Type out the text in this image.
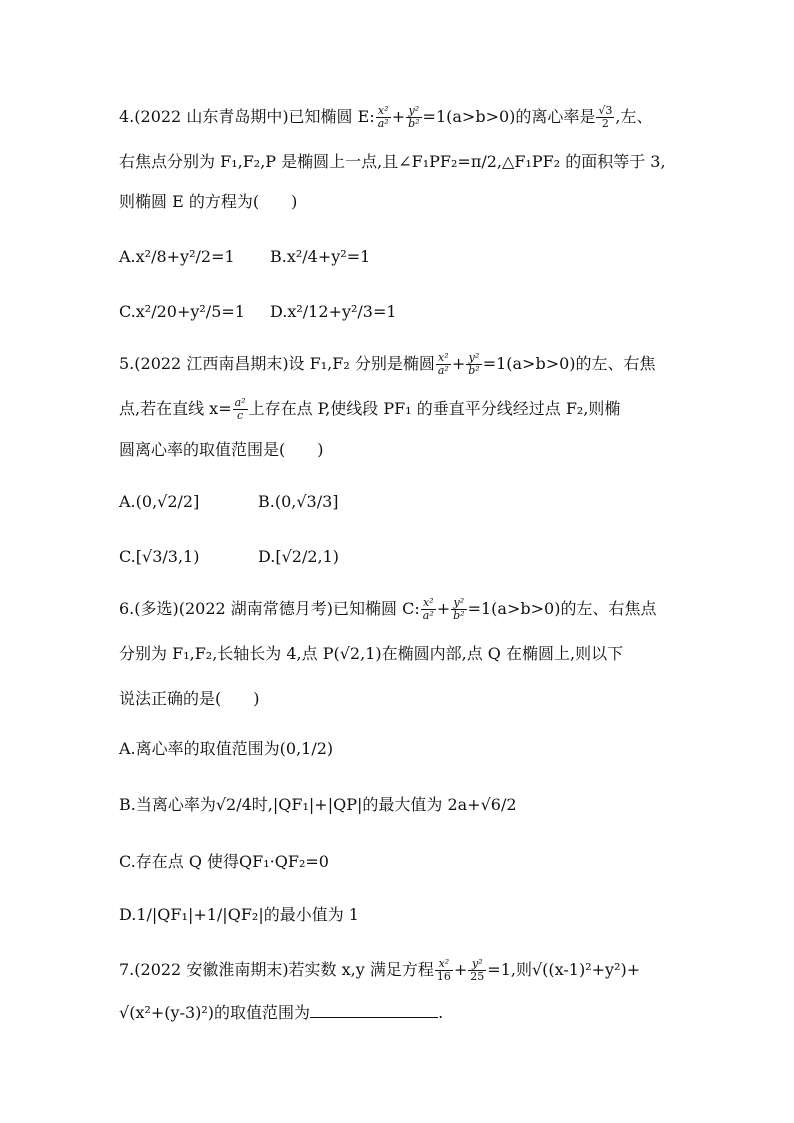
4.(2022 山东青岛期中)已知椭圆 E: $\frac{\text{x²}}{\text{a²}} + \frac{\text{y²}}{\text{b²}} =1(a>b>0)$的离心率是 $\frac{√3}{2}$ ,左、
右焦点分别为 F₁,F₂,P 是椭圆上一点,且∠F₁PF₂=π/2,△F₁PF₂ 的面积等于 3,
则椭圆 E 的方程为(　　)
A.x²/8+y²/2=1 B.x²/4+y²=1
C.x²/20+y²/5=1 D.x²/12+y²/3=1
5.(2022 江西南昌期末)设 F₁,F₂ 分别是椭圆 $\frac{\text{x²}}{\text{a²}} + \frac{\text{y²}}{\text{b²}} =1(a>b>0)$的左、右焦
点,若在直线 $x= \frac{\text{a²}}{c}$ 上存在点 P,使线段 PF₁ 的垂直平分线经过点 F₂,则椭
圆离心率的取值范围是(　　)
A.(0,√2/2]	B.(0,√3/3]
C.[√3/3,1)	D.[√2/2,1)
6.(多选)(2022 湖南常德月考)已知椭圆 C: $\frac{\text{x²}}{\text{a²}} + \frac{\text{y²}}{\text{b²}} =1(a>b>0)$的左、右焦点
分别为 F₁,F₂,长轴长为 4,点 P(√2,1)在椭圆内部,点 Q 在椭圆上,则以下
说法正确的是(　　)
A.离心率的取值范围为(0,1/2)
B.当离心率为√2/4时,|QF₁|+|QP|的最大值为 2a+√6/2
C.存在点 Q 使得QF₁·QF₂=0
D.1/|QF₁|+1/|QF₂|的最小值为 1
7.(2022 安徽淮南期末)若实数 x,y 满足方程 $\frac{\text{x²}}{16} + \frac{\text{y²}}{25} =1$,则√((x-1)²+y²)+
√(x²+(y-3)²)的取值范围为	.
